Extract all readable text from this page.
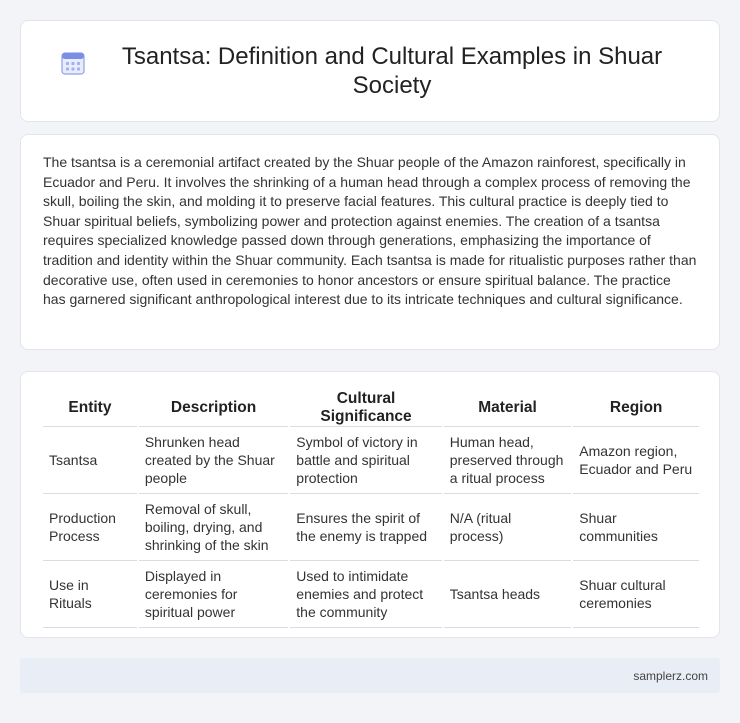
Tsantsa: Definition and Cultural Examples in Shuar Society

The tsantsa is a ceremonial artifact created by the Shuar people of the Amazon rainforest, specifically in Ecuador and Peru. It involves the shrinking of a human head through a complex process of removing the skull, boiling the skin, and molding it to preserve facial features. This cultural practice is deeply tied to Shuar spiritual beliefs, symbolizing power and protection against enemies. The creation of a tsantsa requires specialized knowledge passed down through generations, emphasizing the importance of tradition and identity within the Shuar community. Each tsantsa is made for ritualistic purposes rather than decorative use, often used in ceremonies to honor ancestors or ensure spiritual balance. The practice has garnered significant anthropological interest due to its intricate techniques and cultural significance.

Entity	Description	Cultural Significance	Material	Region
Tsantsa	Shrunken head created by the Shuar people	Symbol of victory in battle and spiritual protection	Human head, preserved through a ritual process	Amazon region, Ecuador and Peru
Production Process	Removal of skull, boiling, drying, and shrinking of the skin	Ensures the spirit of the enemy is trapped	N/A (ritual process)	Shuar communities
Use in Rituals	Displayed in ceremonies for spiritual power	Used to intimidate enemies and protect the community	Tsantsa heads	Shuar cultural ceremonies
samplerz.com
